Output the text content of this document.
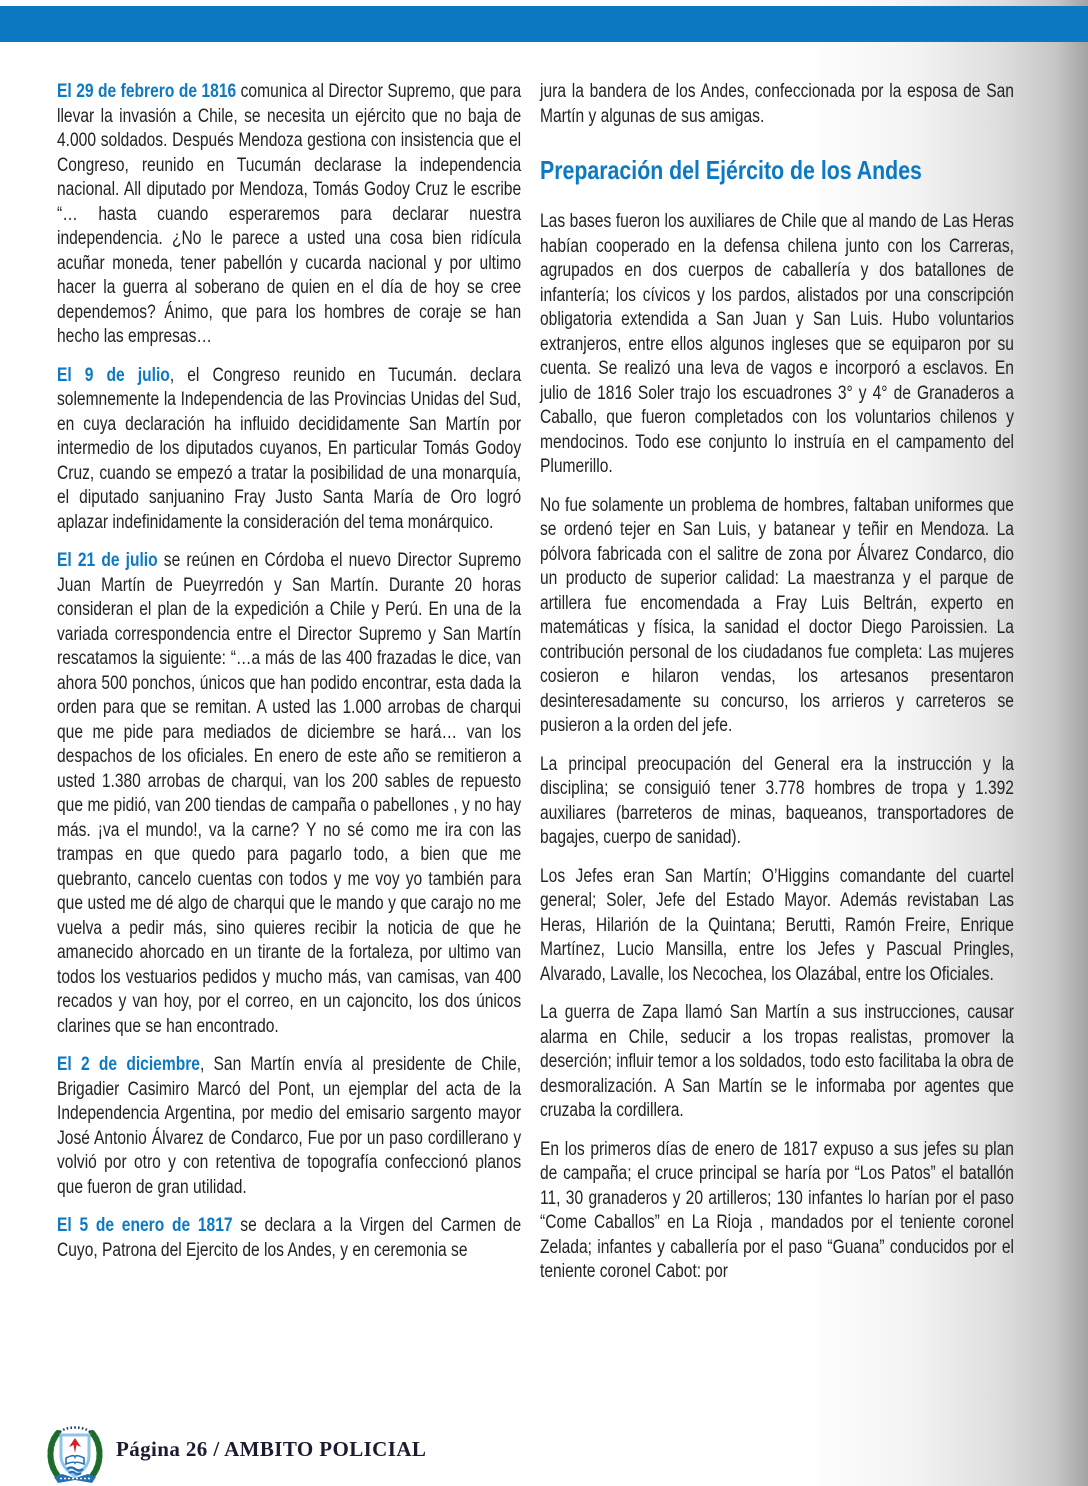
El 29 de febrero de 1816 comunica al Director Supremo, que para llevar la invasión a Chile, se necesita un ejército que no baja de 4.000 soldados. Después Mendoza gestiona con insistencia que el Congreso, reunido en Tucumán declarase la independencia nacional. All diputado por Mendoza, Tomás Godoy Cruz le escribe “… hasta cuando esperaremos para declarar nuestra independencia. ¿No le parece a usted una cosa bien ridícula acuñar moneda, tener pabellón y cucarda nacional y por ultimo hacer la guerra al soberano de quien en el día de hoy se cree dependemos? Ánimo, que para los hombres de coraje se han hecho las empresas…

El 9 de julio, el Congreso reunido en Tucumán. declara solemnemente la Independencia de las Provincias Unidas del Sud, en cuya declaración ha influido decididamente San Martín por intermedio de los diputados cuyanos, En particular Tomás Godoy Cruz, cuando se empezó a tratar la posibilidad de una monarquía, el diputado sanjuanino Fray Justo Santa María de Oro logró aplazar indefinidamente la consideración del tema monárquico.

El 21 de julio se reúnen en Córdoba el nuevo Director Supremo Juan Martín de Pueyrredón y San Martín. Durante 20 horas consideran el plan de la expedición a Chile y Perú. En una de la variada correspondencia entre el Director Supremo y San Martín rescatamos la siguiente: “…a más de las 400 frazadas le dice, van ahora 500 ponchos, únicos que han podido encontrar, esta dada la orden para que se remitan. A usted las 1.000 arrobas de charqui que me pide para mediados de diciembre se hará… van los despachos de los oficiales. En enero de este año se remitieron a usted 1.380 arrobas de charqui, van los 200 sables de repuesto que me pidió, van 200 tiendas de campaña o pabellones , y no hay más. ¡va el mundo!, va la carne? Y no sé como me ira con las trampas en que quedo para pagarlo todo, a bien que me quebranto, cancelo cuentas con todos y me voy yo también para que usted me dé algo de charqui que le mando y que carajo no me vuelva a pedir más, sino quieres recibir la noticia de que he amanecido ahorcado en un tirante de la fortaleza, por ultimo van todos los vestuarios pedidos y mucho más, van camisas, van 400 recados y van hoy, por el correo, en un cajoncito, los dos únicos clarines que se han encontrado.

El 2 de diciembre, San Martín envía al presidente de Chile, Brigadier Casimiro Marcó del Pont, un ejemplar del acta de la Independencia Argentina, por medio del emisario sargento mayor José Antonio Álvarez de Condarco, Fue por un paso cordillerano y volvió por otro y con retentiva de topografía confeccionó planos que fueron de gran utilidad.

El 5 de enero de 1817 se declara a la Virgen del Carmen de Cuyo, Patrona del Ejercito de los Andes, y en ceremonia se

jura la bandera de los Andes, confeccionada por la esposa de San Martín y algunas de sus amigas.

Preparación del Ejército de los Andes

Las bases fueron los auxiliares de Chile que al mando de Las Heras habían cooperado en la defensa chilena junto con los Carreras, agrupados en dos cuerpos de caballería y dos batallones de infantería; los cívicos y los pardos, alistados por una conscripción obligatoria extendida a San Juan y San Luis. Hubo voluntarios extranjeros, entre ellos algunos ingleses que se equiparon por su cuenta. Se realizó una leva de vagos e incorporó a esclavos. En julio de 1816 Soler trajo los escuadrones 3° y 4° de Granaderos a Caballo, que fueron completados con los voluntarios chilenos y mendocinos. Todo ese conjunto lo instruía en el campamento del Plumerillo.

No fue solamente un problema de hombres, faltaban uniformes que se ordenó tejer en San Luis, y batanear y teñir en Mendoza. La pólvora fabricada con el salitre de zona por Álvarez Condarco, dio un producto de superior calidad: La maestranza y el parque de artillera fue encomendada a Fray Luis Beltrán, experto en matemáticas y física, la sanidad el doctor Diego Paroissien. La contribución personal de los ciudadanos fue completa: Las mujeres cosieron e hilaron vendas, los artesanos presentaron desinteresadamente su concurso, los arrieros y carreteros se pusieron a la orden del jefe.

La principal preocupación del General era la instrucción y la disciplina; se consiguió tener 3.778 hombres de tropa y 1.392 auxiliares (barreteros de minas, baqueanos, transportadores de bagajes, cuerpo de sanidad).

Los Jefes eran San Martín; O’Higgins comandante del cuartel general; Soler, Jefe del Estado Mayor. Además revistaban Las Heras, Hilarión de la Quintana; Berutti, Ramón Freire, Enrique Martínez, Lucio Mansilla, entre los Jefes y Pascual Pringles, Alvarado, Lavalle, los Necochea, los Olazábal, entre los Oficiales.

La guerra de Zapa llamó San Martín a sus instrucciones, causar alarma en Chile, seducir a los tropas realistas, promover la deserción; influir temor a los soldados, todo esto facilitaba la obra de desmoralización. A San Martín se le informaba por agentes que cruzaba la cordillera.

En los primeros días de enero de 1817 expuso a sus jefes su plan de campaña; el cruce principal se haría por “Los Patos” el batallón 11, 30 granaderos y 20 artilleros; 130 infantes lo harían por el paso “Come Caballos” en La Rioja , mandados por el teniente coronel Zelada; infantes y caballería por el paso “Guana” conducidos por el teniente coronel Cabot: por

Página 26 / AMBITO POLICIAL
